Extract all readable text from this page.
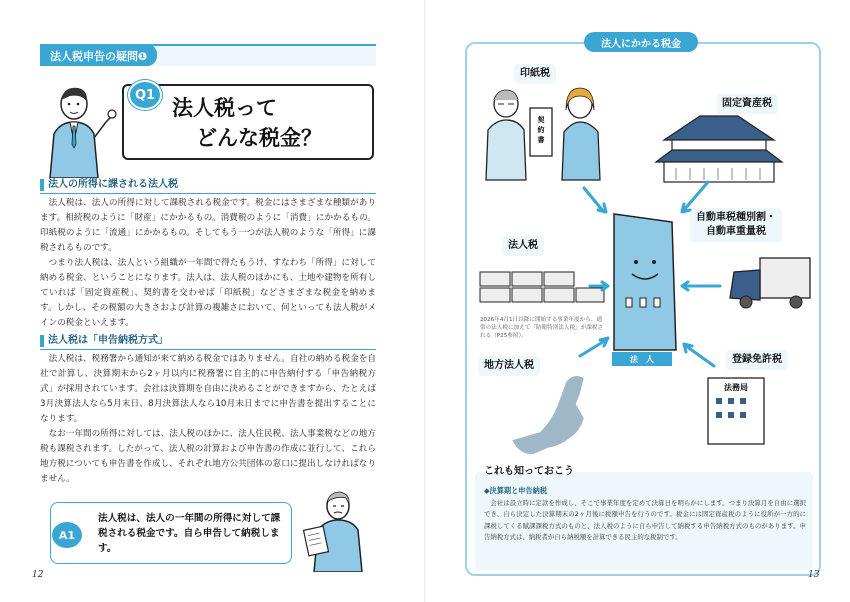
法人税申告の疑問❶
Q1
法人税って
どんな税金？
法人の所得に課される法人税

法人税は、法人の所得に対して課税される税金です。税金にはさまざまな種類があります。相続税のように「財産」にかかるもの。消費税のように「消費」にかかるもの。印紙税のように「流通」にかかるもの。そしてもう一つが法人税のような「所得」に課税されるものです。

つまり法人税は、法人という組織が一年間で得たもうけ、すなわち「所得」に対して納める税金、ということになります。法人は、法人税のほかにも、土地や建物を所有していれば「固定資産税」、契約書を交わせば「印紙税」などさまざまな税金を納めます。しかし、その税額の大きさおよび計算の複雑さにおいて、何といっても法人税がメインの税金といえます。

法人税は「申告納税方式」

法人税は、税務署から通知が来て納める税金ではありません。自社の納める税金を自社で計算し、決算期末から2ヶ月以内に税務署に自主的に申告納付する「申告納税方式」が採用されています。会社は決算期を自由に決めることができますから、たとえば3月決算法人なら5月末日、8月決算法人なら10月末日までに申告書を提出することになります。

なお一年間の所得に対しては、法人税のほかに、法人住民税、法人事業税などの地方税も課税されます。したがって、法人税の計算および申告書の作成に並行して、これら地方税についても申告書を作成し、それぞれ地方公共団体の窓口に提出しなければなりません。

A1
法人税は、法人の一年間の所得に対して課税される税金です。自ら申告して納税します。
12
法人にかかる税金
印紙税
固定資産税
自動車税種別割・
自動車重量税
法人税
地方法人税
登録免許税
契約書
法務局
法　人
2026年4月1日以降に開始する事業年度から、通常の法人税に加えて「防衛特別法人税」が課税される（P25参照）。
これも知っておこう
◆決算期と申告納税
会社は設立時に定款を作成し、そこで事業年度を定めて決算日を明らかにします。つまり決算月を自由に選択でき、自ら決定した決算期末の2ヶ月後に税額申告を行うのです。税金には固定資産税のように役所が一方的に課税してくる賦課課税方式のものと、法人税のように自ら申告して納税する申告納税方式のものがあります。申告納税方式は、納税者が自ら納税額を計算できる民主的な税制です。
13
